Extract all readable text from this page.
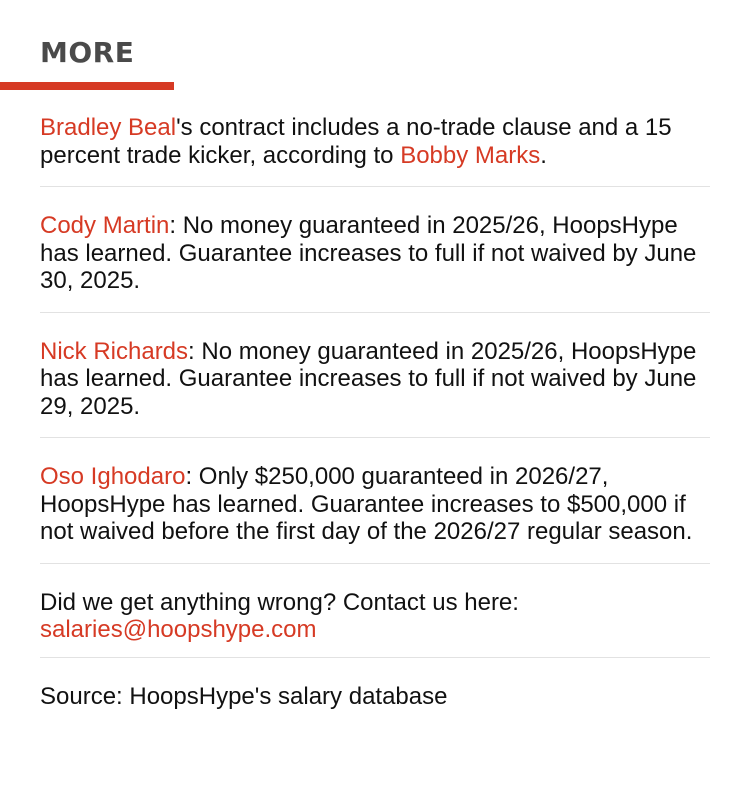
MORE
Bradley Beal's contract includes a no-trade clause and a 15 percent trade kicker, according to Bobby Marks.
Cody Martin: No money guaranteed in 2025/26, HoopsHype has learned. Guarantee increases to full if not waived by June 30, 2025.
Nick Richards: No money guaranteed in 2025/26, HoopsHype has learned. Guarantee increases to full if not waived by June 29, 2025.
Oso Ighodaro: Only $250,000 guaranteed in 2026/27, HoopsHype has learned. Guarantee increases to $500,000 if not waived before the first day of the 2026/27 regular season.
Did we get anything wrong? Contact us here: salaries@hoopshype.com
Source: HoopsHype's salary database
